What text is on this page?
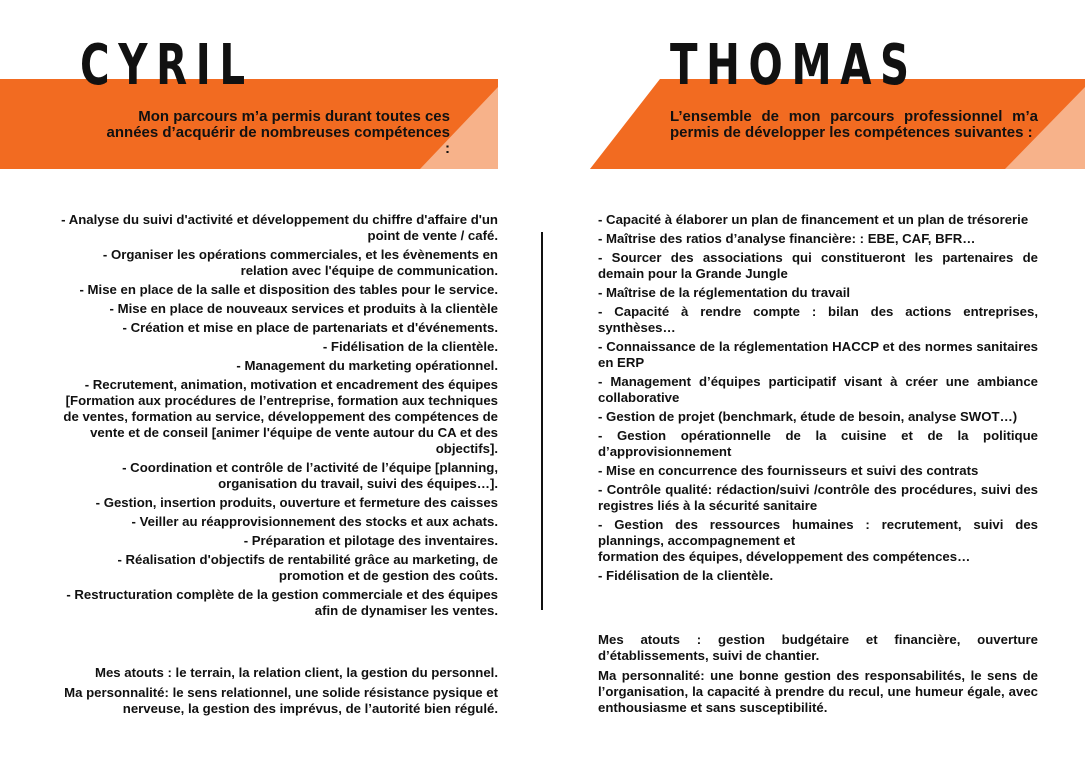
CYRIL	THOMAS

Mon parcours m’a permis durant toutes ces années d’acquérir de nombreuses compétences :

L’ensemble de mon parcours professionnel m’a permis de développer les compétences suivantes :

- Analyse du suivi d'activité et développement du chiffre d'affaire d'un point de vente / café.
- Organiser les opérations commerciales, et les évènements en relation avec l'équipe de communication.
- Mise en place de la salle et disposition des tables pour le service.
- Mise en place de nouveaux services et produits à la clientèle
- Création et mise en place de partenariats et d'événements.
- Fidélisation de la clientèle.
- Management du marketing opérationnel.
- Recrutement, animation, motivation et encadrement des équipes [Formation aux procédures de l’entreprise, formation aux techniques de ventes, formation au service, développement des compétences de vente et de conseil [animer l'équipe de vente autour du CA et des objectifs].
- Coordination et contrôle de l’activité de l’équipe [planning, organisation du travail, suivi des équipes…].
- Gestion, insertion produits, ouverture et fermeture des caisses
- Veiller au réapprovisionnement des stocks et aux achats.
- Préparation et pilotage des inventaires.
- Réalisation d'objectifs de rentabilité grâce au marketing, de promotion et de gestion des coûts.
- Restructuration complète de la gestion commerciale et des équipes afin de dynamiser les ventes.
- Capacité à élaborer un plan de financement et un plan de trésorerie
- Maîtrise des ratios d’analyse financière: : EBE, CAF, BFR…
- Sourcer des associations qui constitueront les partenaires de demain pour la Grande Jungle
- Maîtrise de la réglementation du travail
- Capacité à rendre compte : bilan des actions entreprises, synthèses…
- Connaissance de la réglementation HACCP et des normes sanitaires en ERP
- Management d’équipes participatif visant à créer une ambiance collaborative
- Gestion de projet (benchmark, étude de besoin, analyse SWOT…)
- Gestion opérationnelle de la cuisine et de la politique d’approvisionnement
- Mise en concurrence des fournisseurs et suivi des contrats
- Contrôle qualité: rédaction/suivi /contrôle des procédures, suivi des registres liés à la sécurité sanitaire
- Gestion des ressources humaines : recrutement, suivi des plannings, accompagnement et
formation des équipes, développement des compétences…
- Fidélisation de la clientèle.
Mes atouts : le terrain, la relation client, la gestion du personnel.
Ma personnalité: le sens relationnel, une solide résistance pysique et nerveuse, la gestion des imprévus, de l’autorité bien régulé.
Mes atouts : gestion budgétaire et financière, ouverture d’établissements, suivi de chantier.
Ma personnalité: une bonne gestion des responsabilités, le sens de l’organisation, la capacité à prendre du recul, une humeur égale, avec enthousiasme et sans susceptibilité.
